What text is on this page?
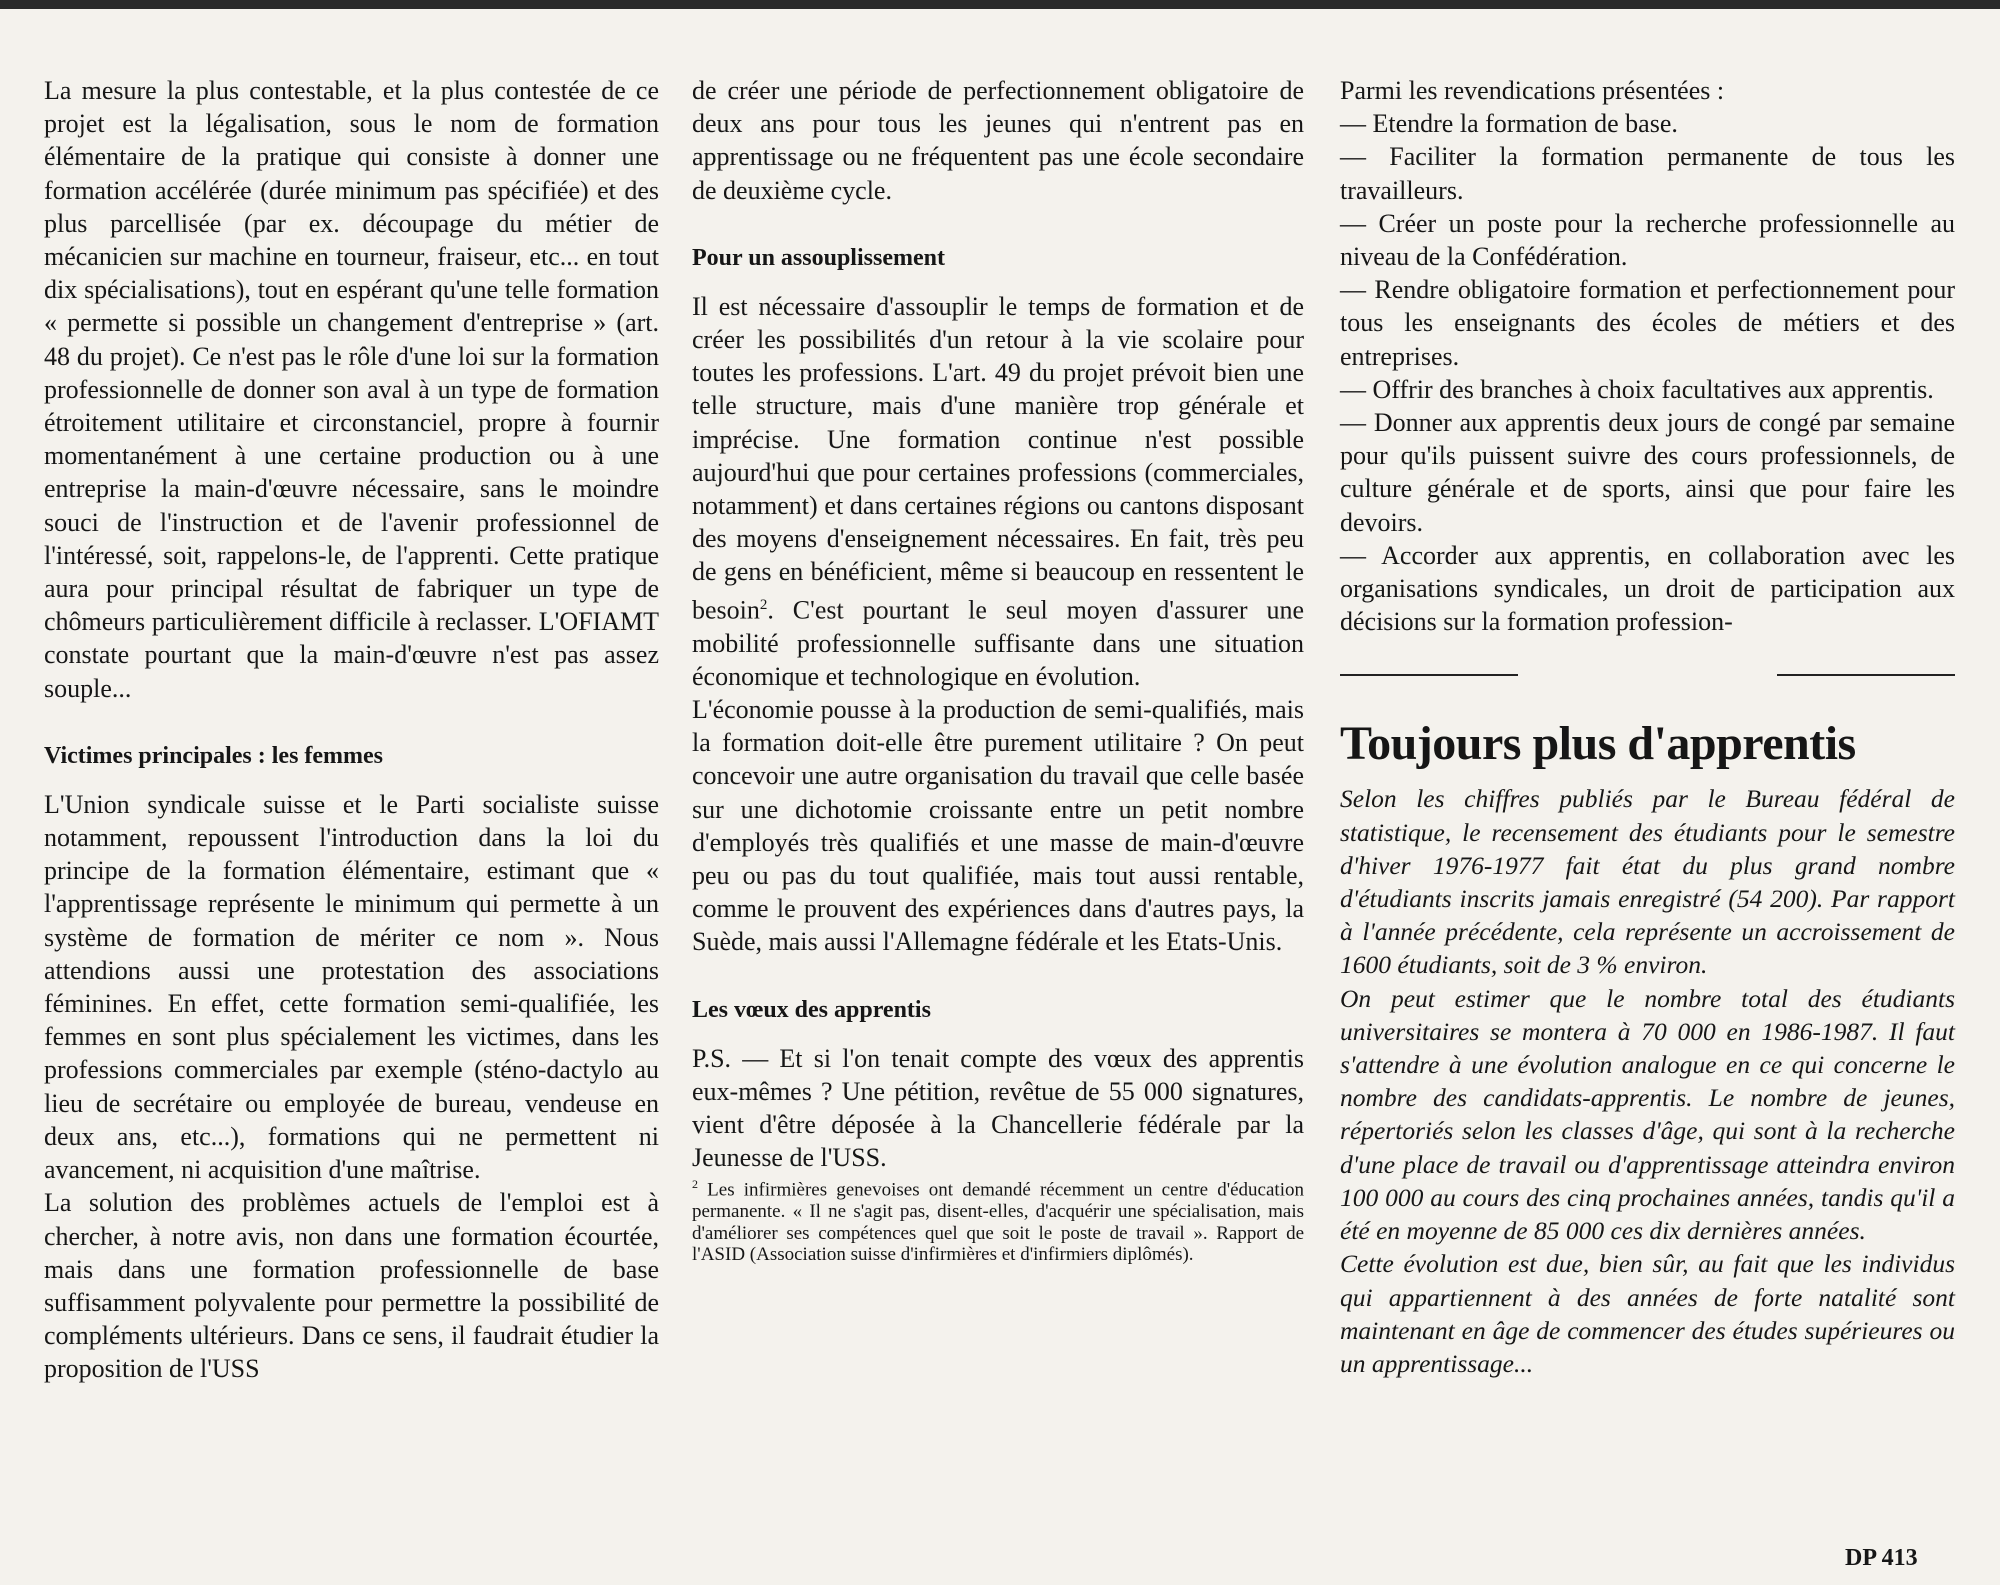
La mesure la plus contestable, et la plus contestée de ce projet est la légalisation, sous le nom de formation élémentaire de la pratique qui consiste à donner une formation accélérée (durée minimum pas spécifiée) et des plus parcellisée (par ex. découpage du métier de mécanicien sur machine en tourneur, fraiseur, etc... en tout dix spécialisations), tout en espérant qu'une telle formation « permette si possible un changement d'entreprise » (art. 48 du projet). Ce n'est pas le rôle d'une loi sur la formation professionnelle de donner son aval à un type de formation étroitement utilitaire et circonstanciel, propre à fournir momentanément à une certaine production ou à une entreprise la main-d'œuvre nécessaire, sans le moindre souci de l'instruction et de l'avenir professionnel de l'intéressé, soit, rappelons-le, de l'apprenti. Cette pratique aura pour principal résultat de fabriquer un type de chômeurs particulièrement difficile à reclasser. L'OFIAMT constate pourtant que la main-d'œuvre n'est pas assez souple...

Victimes principales : les femmes

L'Union syndicale suisse et le Parti socialiste suisse notamment, repoussent l'introduction dans la loi du principe de la formation élémentaire, estimant que « l'apprentissage représente le minimum qui permette à un système de formation de mériter ce nom ». Nous attendions aussi une protestation des associations féminines. En effet, cette formation semi-qualifiée, les femmes en sont plus spécialement les victimes, dans les professions commerciales par exemple (sténo-dactylo au lieu de secrétaire ou employée de bureau, vendeuse en deux ans, etc...), formations qui ne permettent ni avancement, ni acquisition d'une maîtrise.

La solution des problèmes actuels de l'emploi est à chercher, à notre avis, non dans une formation écourtée, mais dans une formation professionnelle de base suffisamment polyvalente pour permettre la possibilité de compléments ultérieurs. Dans ce sens, il faudrait étudier la proposition de l'USS

de créer une période de perfectionnement obligatoire de deux ans pour tous les jeunes qui n'entrent pas en apprentissage ou ne fréquentent pas une école secondaire de deuxième cycle.

Pour un assouplissement

Il est nécessaire d'assouplir le temps de formation et de créer les possibilités d'un retour à la vie scolaire pour toutes les professions. L'art. 49 du projet prévoit bien une telle structure, mais d'une manière trop générale et imprécise. Une formation continue n'est possible aujourd'hui que pour certaines professions (commerciales, notamment) et dans certaines régions ou cantons disposant des moyens d'enseignement nécessaires. En fait, très peu de gens en bénéficient, même si beaucoup en ressentent le besoin$^2$. C'est pourtant le seul moyen d'assurer une mobilité professionnelle suffisante dans une situation économique et technologique en évolution.

L'économie pousse à la production de semi-qualifiés, mais la formation doit-elle être purement utilitaire ? On peut concevoir une autre organisation du travail que celle basée sur une dichotomie croissante entre un petit nombre d'employés très qualifiés et une masse de main-d'œuvre peu ou pas du tout qualifiée, mais tout aussi rentable, comme le prouvent des expériences dans d'autres pays, la Suède, mais aussi l'Allemagne fédérale et les Etats-Unis.

Les vœux des apprentis

P.S. — Et si l'on tenait compte des vœux des apprentis eux-mêmes ? Une pétition, revêtue de 55 000 signatures, vient d'être déposée à la Chancellerie fédérale par la Jeunesse de l'USS.

$^2$ Les infirmières genevoises ont demandé récemment un centre d'éducation permanente. « Il ne s'agit pas, disent-elles, d'acquérir une spécialisation, mais d'améliorer ses compétences quel que soit le poste de travail ». Rapport de l'ASID (Association suisse d'infirmières et d'infirmiers diplômés).

Parmi les revendications présentées :

— Etendre la formation de base.

— Faciliter la formation permanente de tous les travailleurs.

— Créer un poste pour la recherche professionnelle au niveau de la Confédération.

— Rendre obligatoire formation et perfectionnement pour tous les enseignants des écoles de métiers et des entreprises.

— Offrir des branches à choix facultatives aux apprentis.

— Donner aux apprentis deux jours de congé par semaine pour qu'ils puissent suivre des cours professionnels, de culture générale et de sports, ainsi que pour faire les devoirs.

— Accorder aux apprentis, en collaboration avec les organisations syndicales, un droit de participation aux décisions sur la formation profession-

Toujours plus d'apprentis

Selon les chiffres publiés par le Bureau fédéral de statistique, le recensement des étudiants pour le semestre d'hiver 1976-1977 fait état du plus grand nombre d'étudiants inscrits jamais enregistré (54 200). Par rapport à l'année précédente, cela représente un accroissement de 1600 étudiants, soit de 3 % environ.

On peut estimer que le nombre total des étudiants universitaires se montera à 70 000 en 1986-1987. Il faut s'attendre à une évolution analogue en ce qui concerne le nombre des candidats-apprentis. Le nombre de jeunes, répertoriés selon les classes d'âge, qui sont à la recherche d'une place de travail ou d'apprentissage atteindra environ 100 000 au cours des cinq prochaines années, tandis qu'il a été en moyenne de 85 000 ces dix dernières années.

Cette évolution est due, bien sûr, au fait que les individus qui appartiennent à des années de forte natalité sont maintenant en âge de commencer des études supérieures ou un apprentissage...

DP 413
